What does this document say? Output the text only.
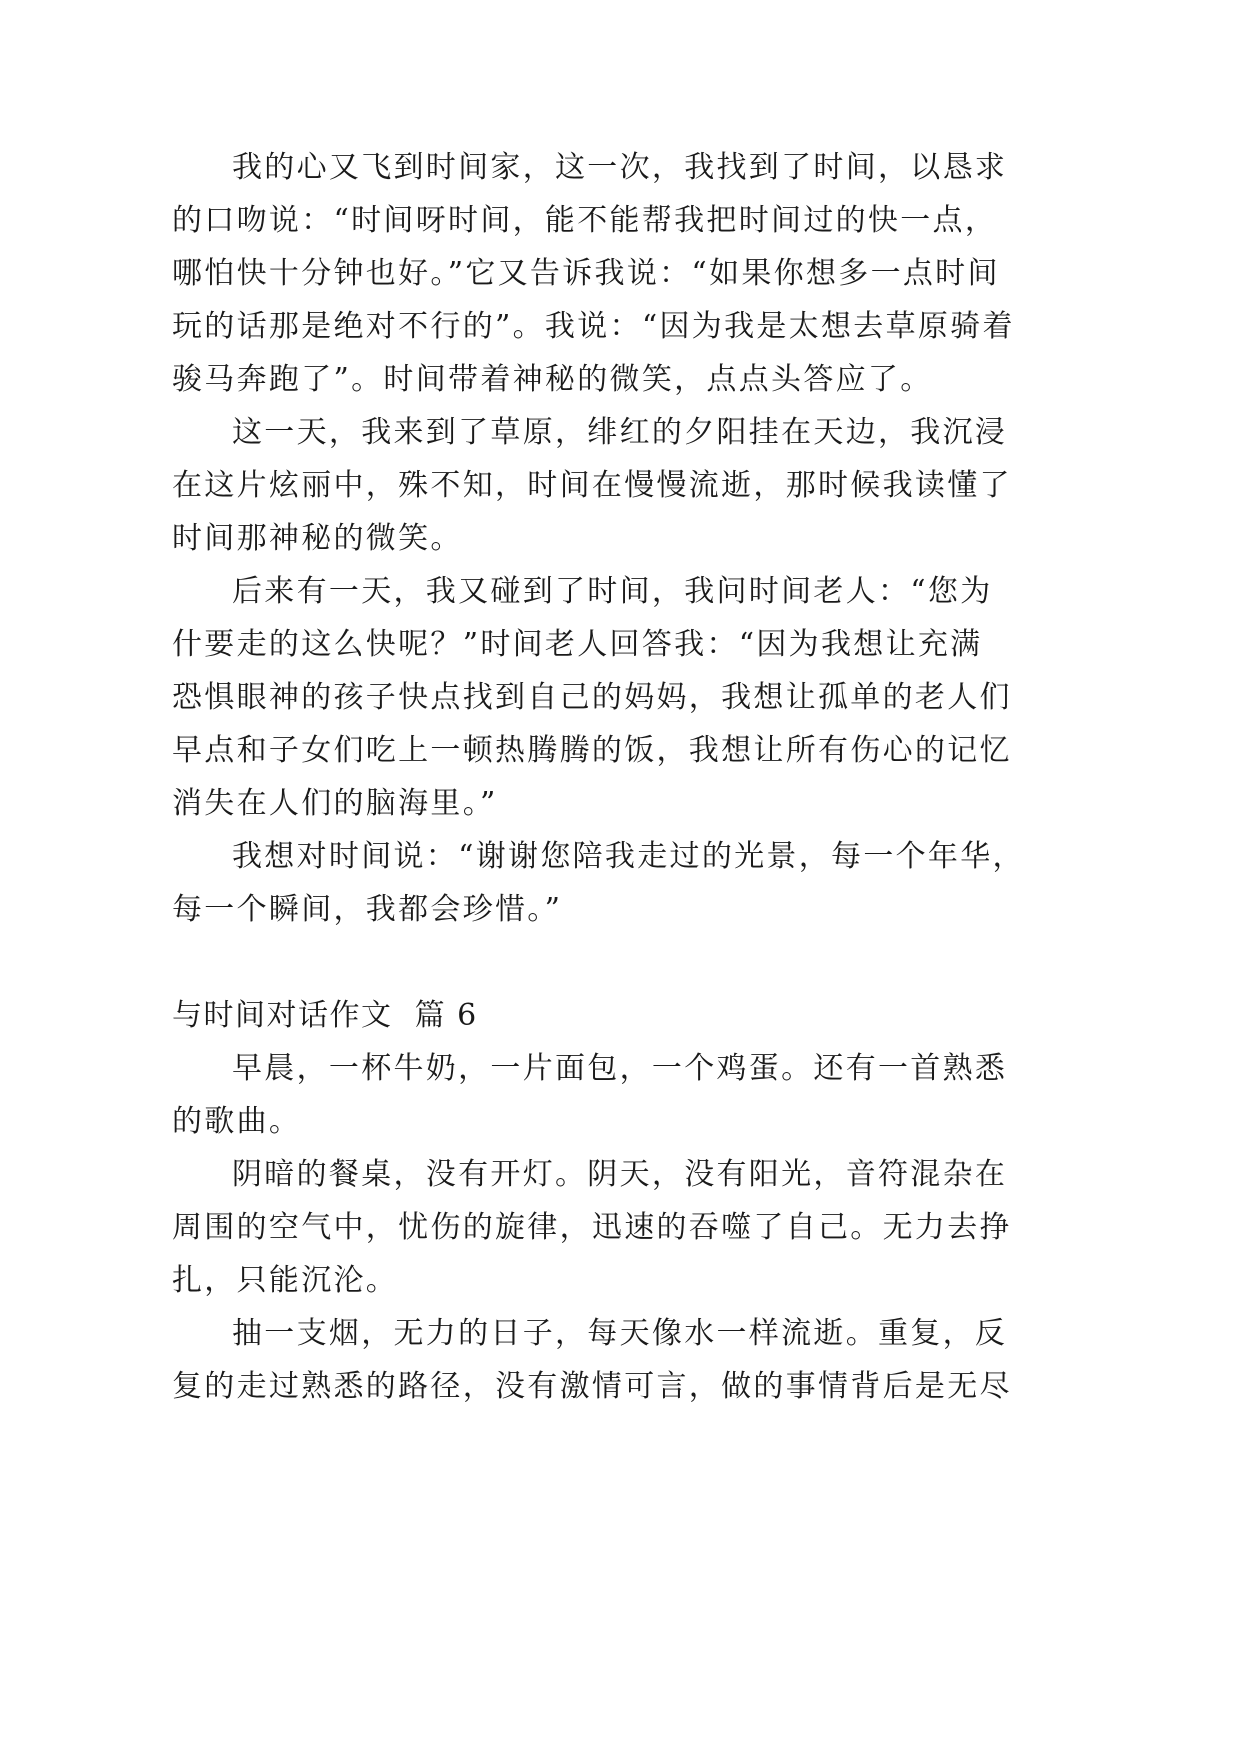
我的心又飞到时间家，这一次，我找到了时间，以恳求
的口吻说：“时间呀时间，能不能帮我把时间过的快一点，
哪怕快十分钟也好。”它又告诉我说：“如果你想多一点时间
玩的话那是绝对不行的”。我说：“因为我是太想去草原骑着
骏马奔跑了”。时间带着神秘的微笑，点点头答应了。
这一天，我来到了草原，绯红的夕阳挂在天边，我沉浸
在这片炫丽中，殊不知，时间在慢慢流逝，那时候我读懂了
时间那神秘的微笑。
后来有一天，我又碰到了时间，我问时间老人：“您为
什要走的这么快呢？”时间老人回答我：“因为我想让充满
恐惧眼神的孩子快点找到自己的妈妈，我想让孤单的老人们
早点和子女们吃上一顿热腾腾的饭，我想让所有伤心的记忆
消失在人们的脑海里。”
我想对时间说：“谢谢您陪我走过的光景，每一个年华，
每一个瞬间，我都会珍惜。”
与时间对话作文  篇 6
早晨，一杯牛奶，一片面包，一个鸡蛋。还有一首熟悉
的歌曲。
阴暗的餐桌，没有开灯。阴天，没有阳光，音符混杂在
周围的空气中，忧伤的旋律，迅速的吞噬了自己。无力去挣
扎，只能沉沦。
抽一支烟，无力的日子，每天像水一样流逝。重复，反
复的走过熟悉的路径，没有激情可言，做的事情背后是无尽
